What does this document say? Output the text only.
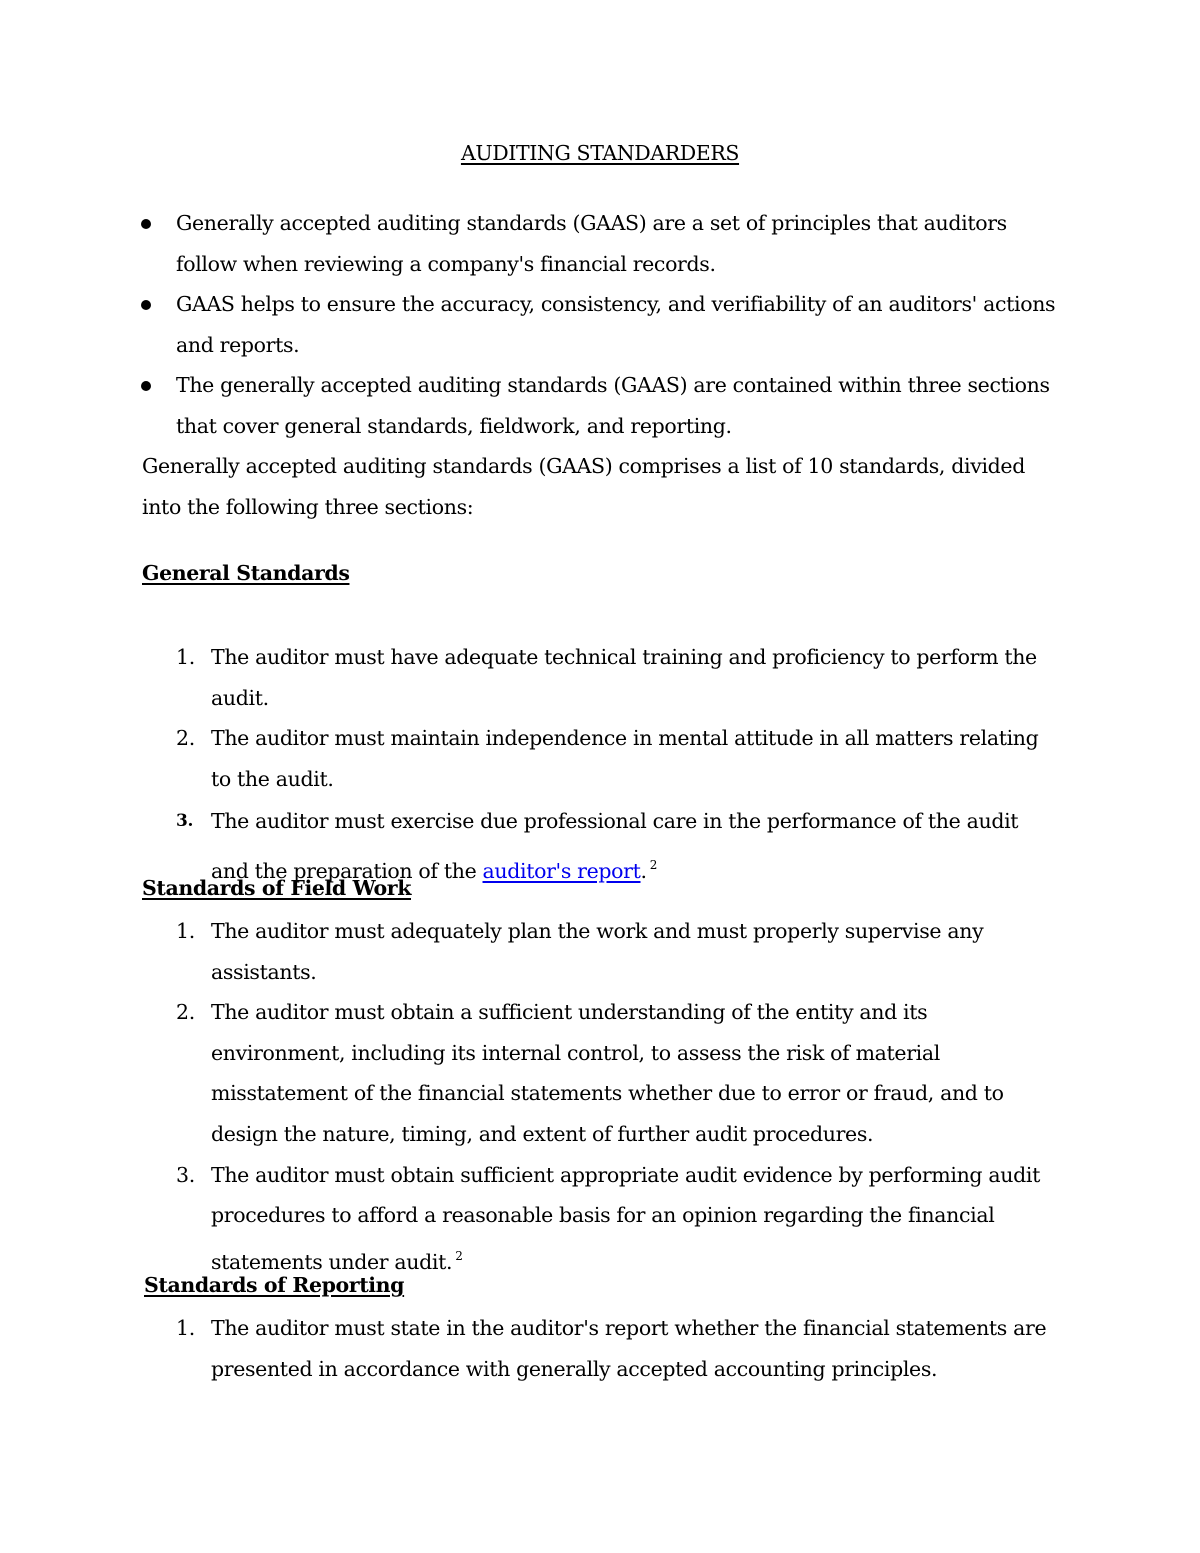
AUDITING STANDARDERS
Generally accepted auditing standards (GAAS) are a set of principles that auditors follow when reviewing a company's financial records.
GAAS helps to ensure the accuracy, consistency, and verifiability of an auditors' actions and reports.
The generally accepted auditing standards (GAAS) are contained within three sections that cover general standards, fieldwork, and reporting.
Generally accepted auditing standards (GAAS) comprises a list of 10 standards, divided into the following three sections:
General Standards
1. The auditor must have adequate technical training and proficiency to perform the audit.
2. The auditor must maintain independence in mental attitude in all matters relating to the audit.
3. The auditor must exercise due professional care in the performance of the audit and the preparation of the auditor's report. $^2$
Standards of Field Work
1. The auditor must adequately plan the work and must properly supervise any assistants.
2. The auditor must obtain a sufficient understanding of the entity and its environment, including its internal control, to assess the risk of material misstatement of the financial statements whether due to error or fraud, and to design the nature, timing, and extent of further audit procedures.
3. The auditor must obtain sufficient appropriate audit evidence by performing audit procedures to afford a reasonable basis for an opinion regarding the financial statements under audit. $^2$
Standards of Reporting
1. The auditor must state in the auditor's report whether the financial statements are presented in accordance with generally accepted accounting principles.
